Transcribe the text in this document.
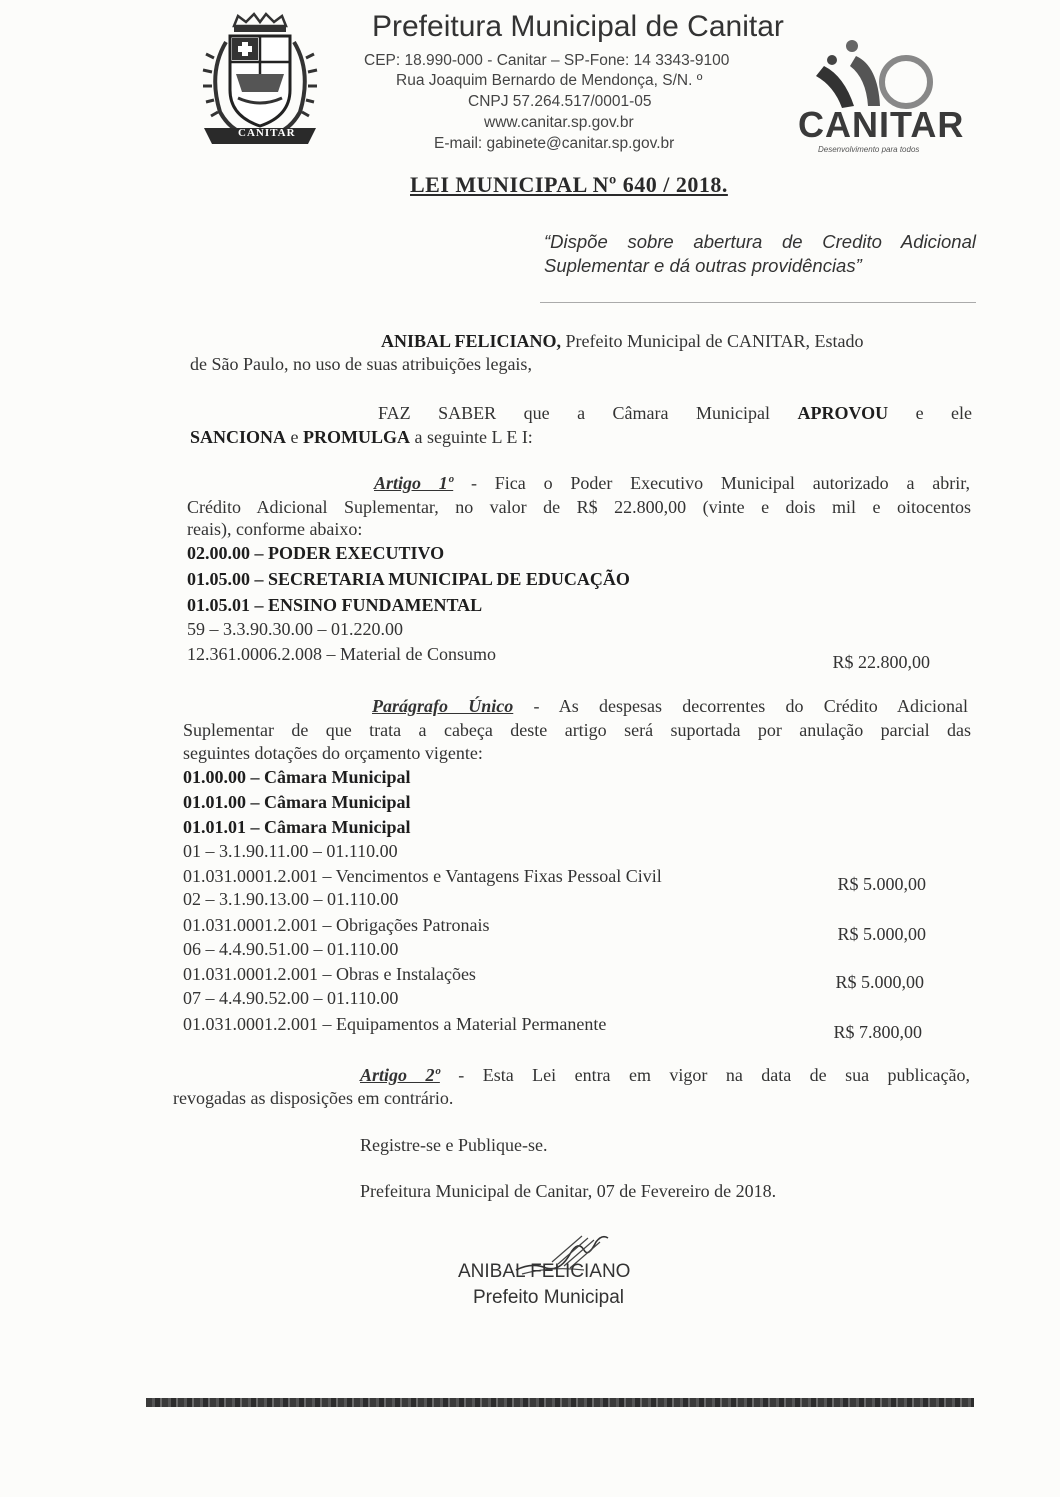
CANITAR
Prefeitura Municipal de Canitar
CEP: 18.990-000 - Canitar – SP-Fone: 14 3343-9100
Rua Joaquim Bernardo de Mendonça, S/N. º
CNPJ 57.264.517/0001-05
www.canitar.sp.gov.br
E-mail: gabinete@canitar.sp.gov.br	CANITAR
Desenvolvimento para todos
LEI MUNICIPAL Nº 640 / 2018.
“Dispõe sobre abertura de Credito Adicional Suplementar e dá outras providências”
ANIBAL FELICIANO, Prefeito Municipal de CANITAR, Estado
de São Paulo, no uso de suas atribuições legais,
FAZ SABER que a Câmara Municipal APROVOU e ele
SANCIONA e PROMULGA a seguinte L E I:
Artigo 1º - Fica o Poder Executivo Municipal autorizado a abrir,
Crédito Adicional Suplementar, no valor de R$ 22.800,00 (vinte e dois mil e oitocentos
reais), conforme abaixo:
02.00.00 – PODER EXECUTIVO
01.05.00 – SECRETARIA MUNICIPAL DE EDUCAÇÃO
01.05.01 – ENSINO FUNDAMENTAL
59 – 3.3.90.30.00 – 01.220.00
12.361.0006.2.008 – Material de Consumo	R$ 22.800,00
Parágrafo Único - As despesas decorrentes do Crédito Adicional
Suplementar de que trata a cabeça deste artigo será suportada por anulação parcial das
seguintes dotações do orçamento vigente:
01.00.00 – Câmara Municipal
01.01.00 – Câmara Municipal
01.01.01 – Câmara Municipal
01 – 3.1.90.11.00 – 01.110.00
01.031.0001.2.001 – Vencimentos e Vantagens Fixas Pessoal Civil	R$ 5.000,00
02 – 3.1.90.13.00 – 01.110.00
01.031.0001.2.001 – Obrigações Patronais	R$ 5.000,00
06 – 4.4.90.51.00 – 01.110.00
01.031.0001.2.001 – Obras e Instalações	R$ 5.000,00
07 – 4.4.90.52.00 – 01.110.00
01.031.0001.2.001 – Equipamentos a Material Permanente	R$ 7.800,00
Artigo 2º - Esta Lei entra em vigor na data de sua publicação,
revogadas as disposições em contrário.
Registre-se e Publique-se.
Prefeitura Municipal de Canitar, 07 de Fevereiro de 2018.
ANIBAL FELICIANO
Prefeito Municipal
